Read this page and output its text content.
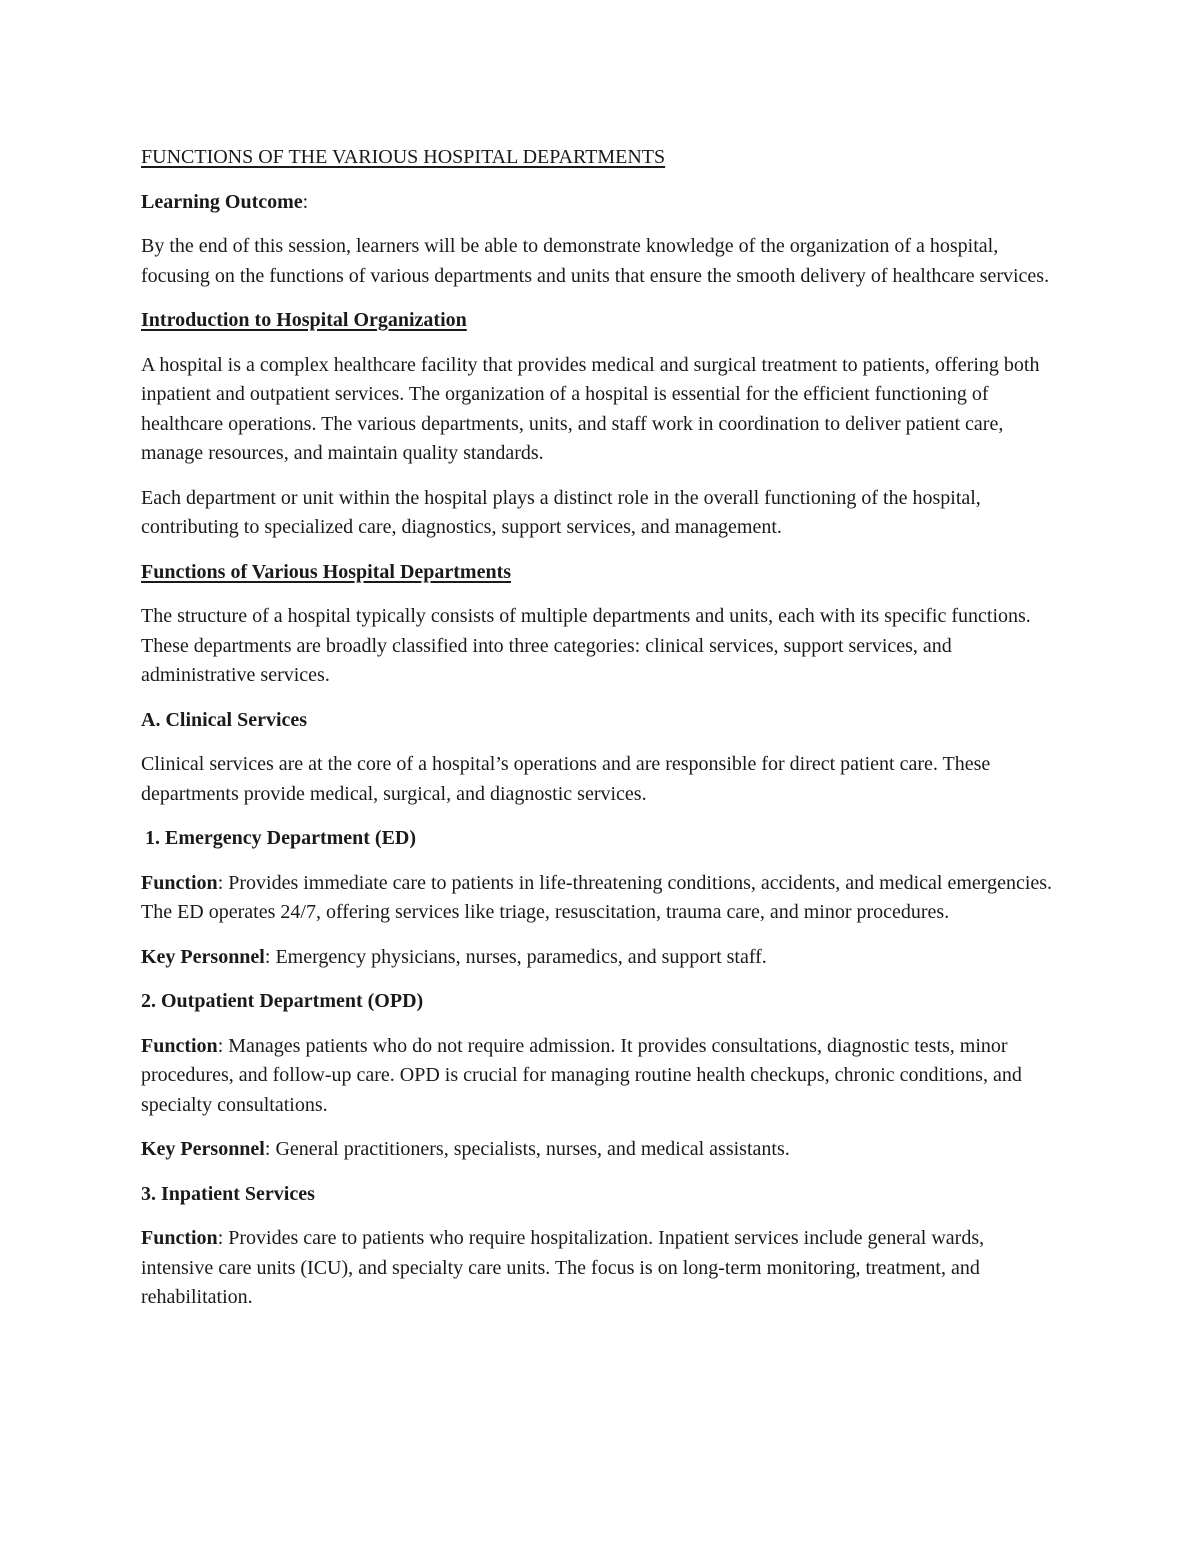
FUNCTIONS OF THE VARIOUS HOSPITAL DEPARTMENTS

Learning Outcome:

By the end of this session, learners will be able to demonstrate knowledge of the organization of a hospital, focusing on the functions of various departments and units that ensure the smooth delivery of healthcare services.

Introduction to Hospital Organization

A hospital is a complex healthcare facility that provides medical and surgical treatment to patients, offering both inpatient and outpatient services. The organization of a hospital is essential for the efficient functioning of healthcare operations. The various departments, units, and staff work in coordination to deliver patient care, manage resources, and maintain quality standards.

Each department or unit within the hospital plays a distinct role in the overall functioning of the hospital, contributing to specialized care, diagnostics, support services, and management.

Functions of Various Hospital Departments

The structure of a hospital typically consists of multiple departments and units, each with its specific functions. These departments are broadly classified into three categories: clinical services, support services, and administrative services.

A. Clinical Services

Clinical services are at the core of a hospital’s operations and are responsible for direct patient care. These departments provide medical, surgical, and diagnostic services.

1. Emergency Department (ED)

Function: Provides immediate care to patients in life-threatening conditions, accidents, and medical emergencies. The ED operates 24/7, offering services like triage, resuscitation, trauma care, and minor procedures.

Key Personnel: Emergency physicians, nurses, paramedics, and support staff.

2. Outpatient Department (OPD)

Function: Manages patients who do not require admission. It provides consultations, diagnostic tests, minor procedures, and follow-up care. OPD is crucial for managing routine health checkups, chronic conditions, and specialty consultations.

Key Personnel: General practitioners, specialists, nurses, and medical assistants.

3. Inpatient Services

Function: Provides care to patients who require hospitalization. Inpatient services include general wards, intensive care units (ICU), and specialty care units. The focus is on long-term monitoring, treatment, and rehabilitation.
